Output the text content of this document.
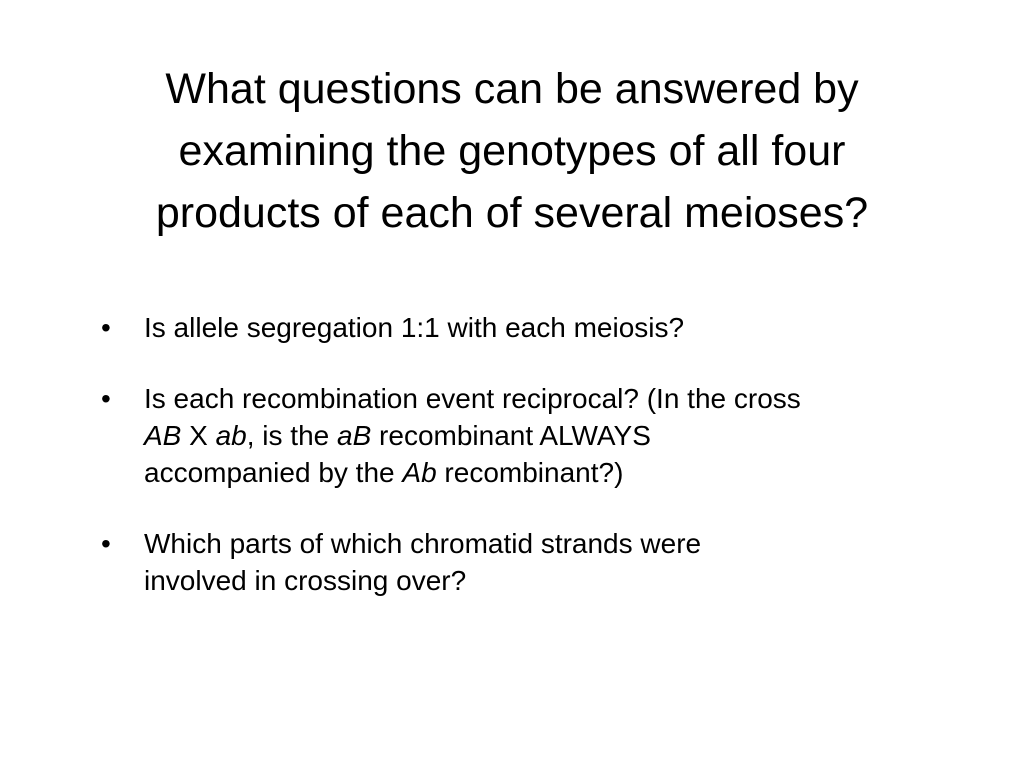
What questions can be answered by
examining the genotypes of all four
products of each of several meioses?
• Is allele segregation 1:1 with each meiosis?
• Is each recombination event reciprocal? (In the cross
AB X ab, is the aB recombinant ALWAYS
accompanied by the Ab recombinant?)
• Which parts of which chromatid strands were
involved in crossing over?
